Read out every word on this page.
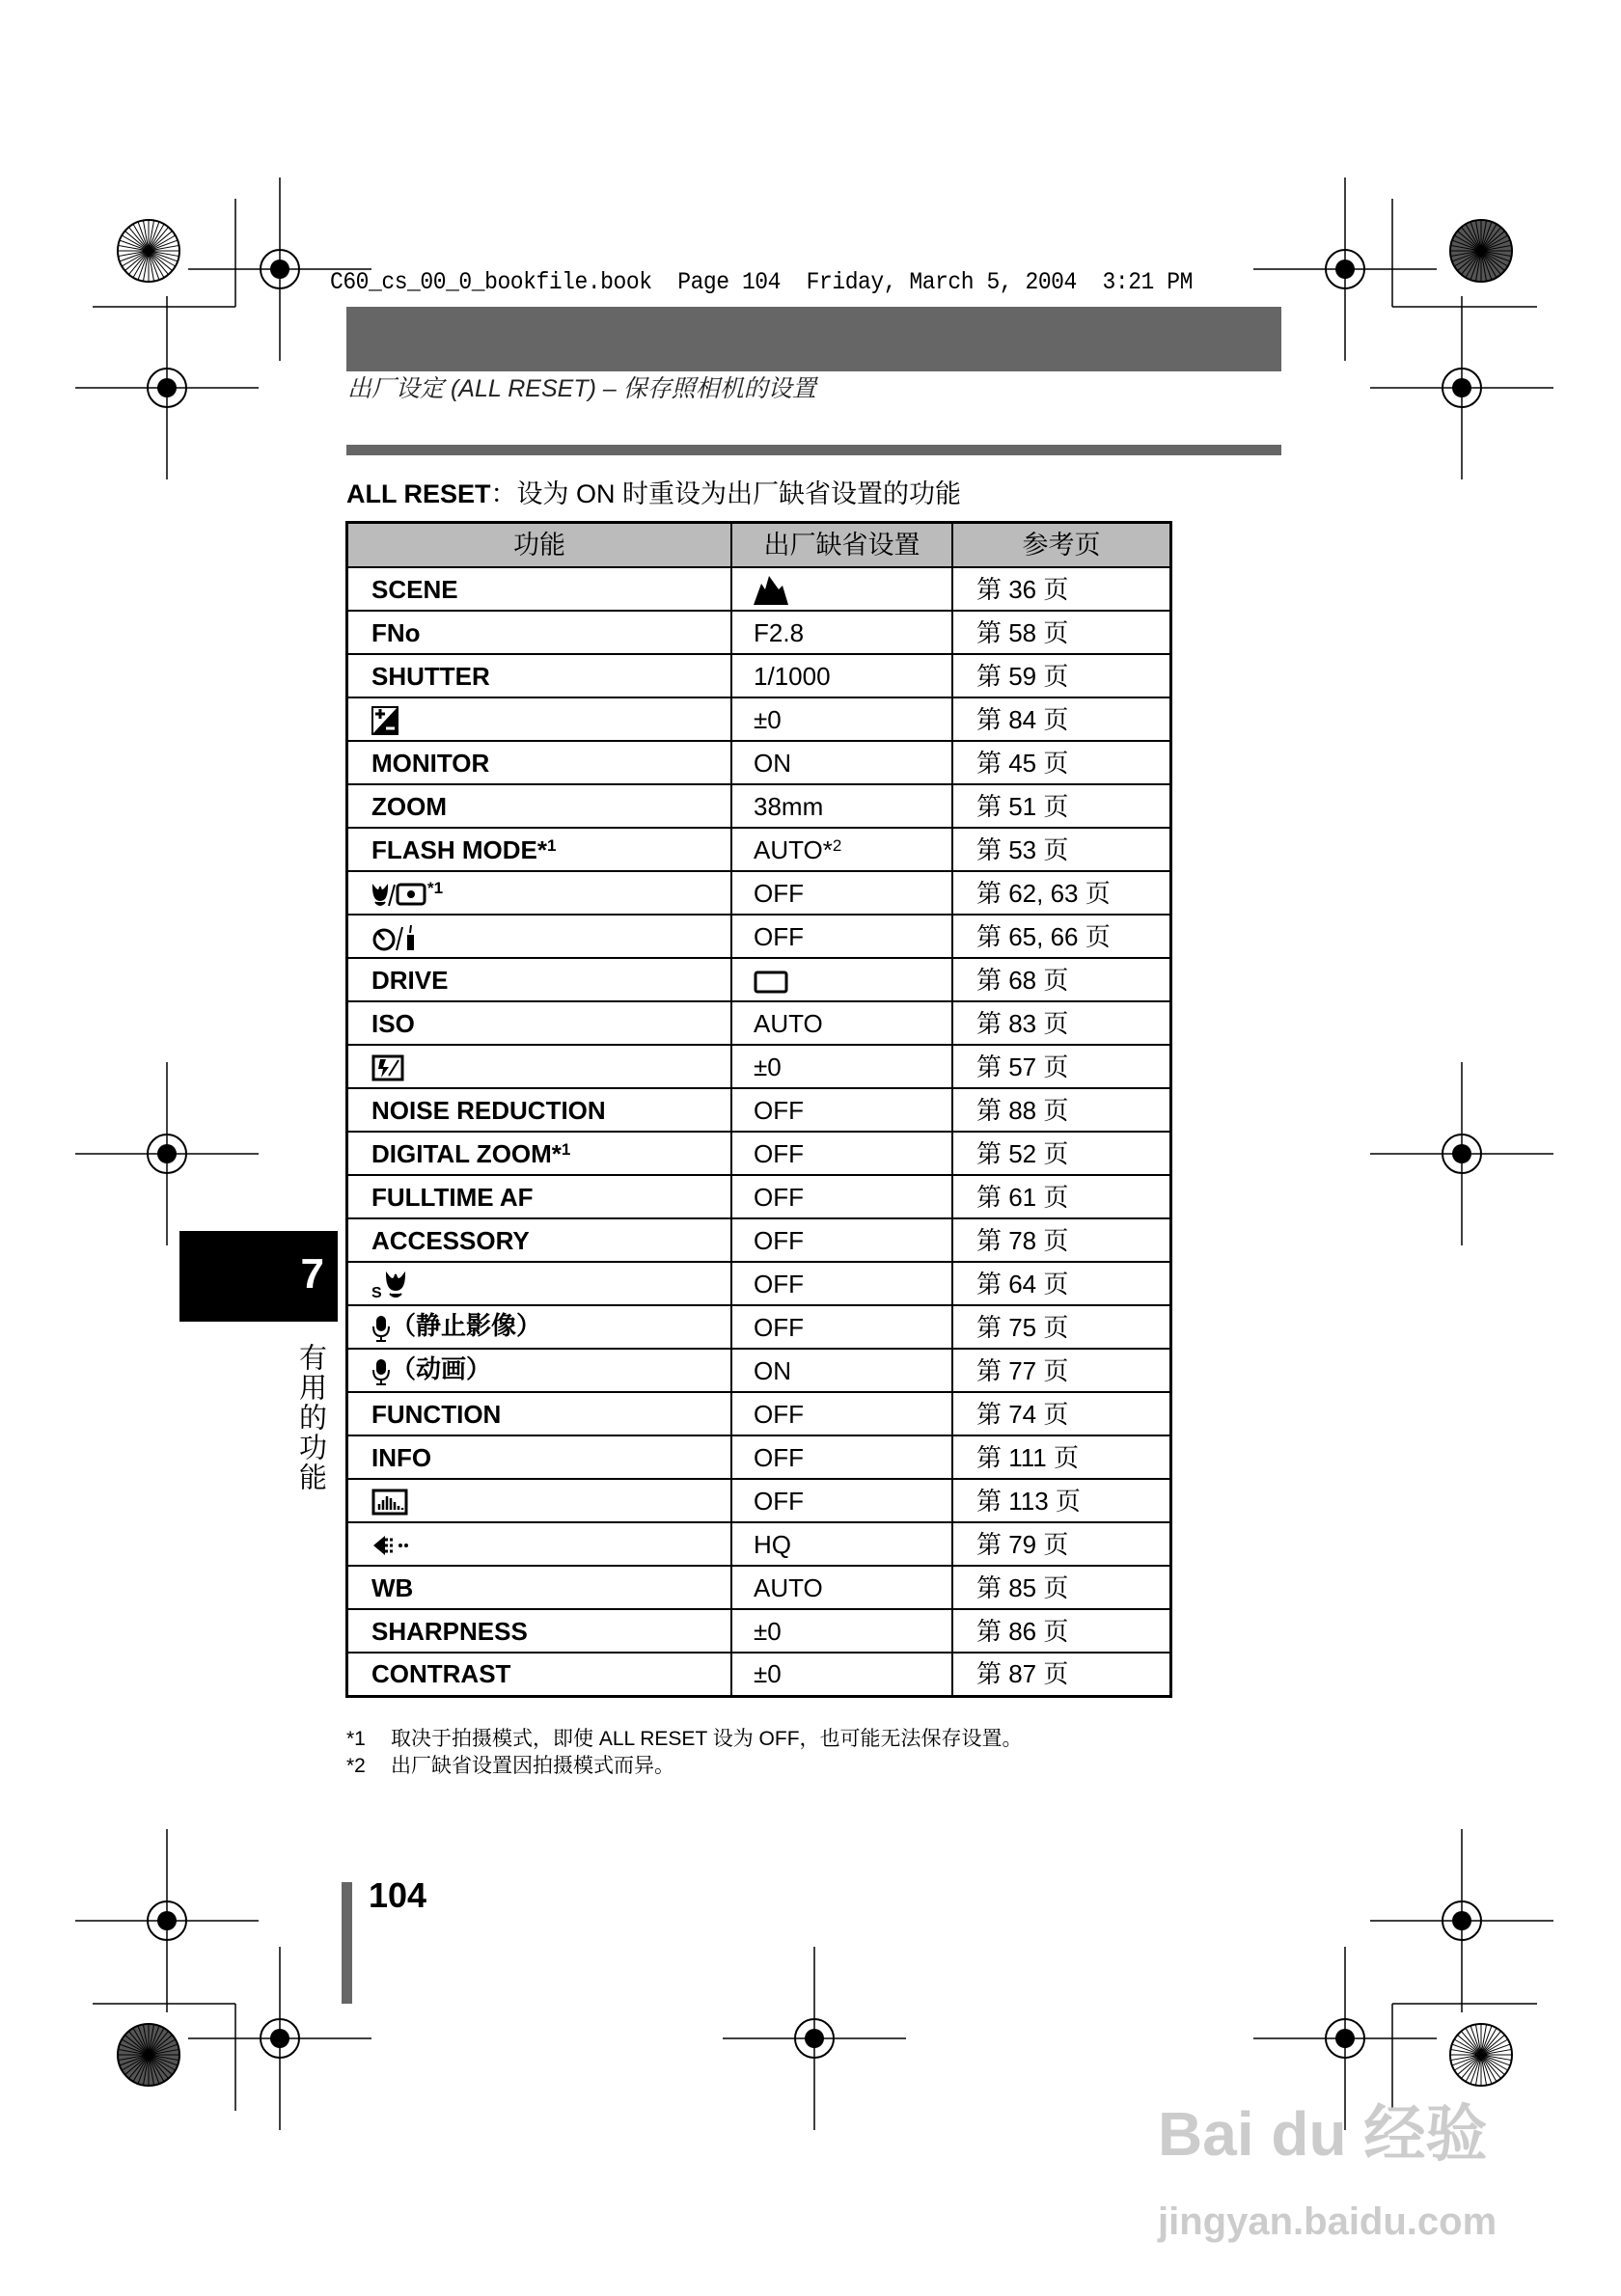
C60_cs_00_0_bookfile.book  Page 104  Friday, March 5, 2004  3:21 PM
出厂设定 (ALL RESET) – 保存照相机的设置
ALL RESET：设为 ON 时重设为出厂缺省设置的功能
功能	出厂缺省设置	参考页
SCENE		第 36 页
FNo	F2.8	第 58 页
SHUTTER	1/1000	第 59 页
	±0	第 84 页
MONITOR	ON	第 45 页
ZOOM	38mm	第 51 页
FLASH MODE*$^1$	AUTO*$^2$	第 53 页
$^{*1}$	OFF	第 62, 63 页
	OFF	第 65, 66 页
DRIVE		第 68 页
ISO	AUTO	第 83 页
	±0	第 57 页
NOISE REDUCTION	OFF	第 88 页
DIGITAL ZOOM*$^1$	OFF	第 52 页
FULLTIME AF	OFF	第 61 页
ACCESSORY	OFF	第 78 页

S	OFF	第 64 页
（静止影像）	OFF	第 75 页
（动画）	ON	第 77 页
FUNCTION	OFF	第 74 页
INFO	OFF	第 111 页
	OFF	第 113 页
	HQ	第 79 页
WB	AUTO	第 85 页
SHARPNESS	±0	第 86 页
CONTRAST	±0	第 87 页
*1 取决于拍摄模式，即使 ALL RESET 设为 OFF，也可能无法保存设置。
*2 出厂缺省设置因拍摄模式而异。
104
7
有用的功能
Bai du 经验
jingyan.baidu.com
